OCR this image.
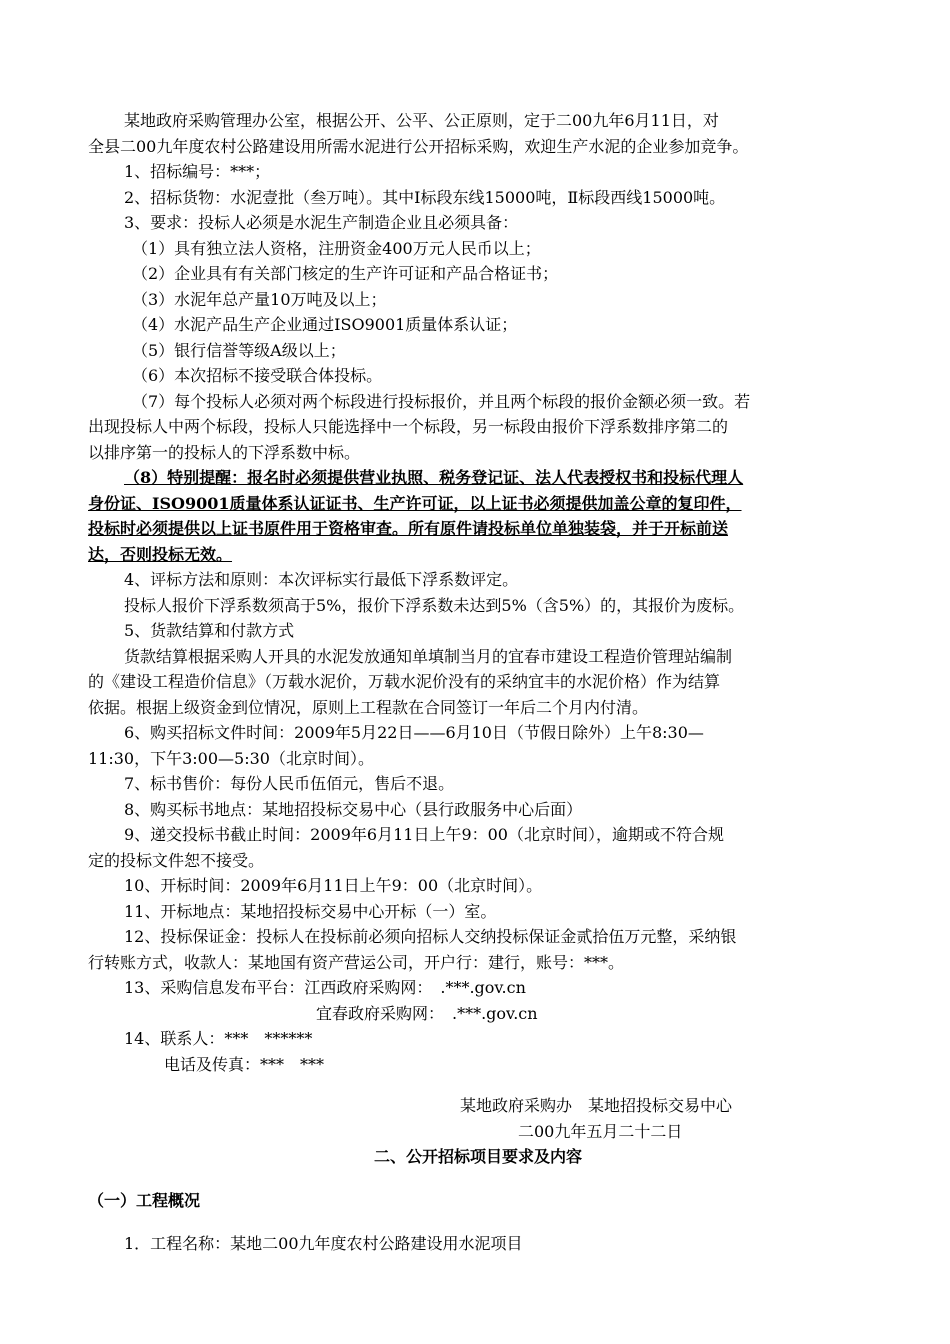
某地政府采购管理办公室，根据公开、公平、公正原则，定于二00九年6月11日，对
全县二00九年度农村公路建设用所需水泥进行公开招标采购，欢迎生产水泥的企业参加竞争。
1、招标编号：***；
2、招标货物：水泥壹批（叁万吨）。其中Ⅰ标段东线15000吨，Ⅱ标段西线15000吨。
3、要求：投标人必须是水泥生产制造企业且必须具备：
（1）具有独立法人资格，注册资金400万元人民币以上；
（2）企业具有有关部门核定的生产许可证和产品合格证书；
（3）水泥年总产量10万吨及以上；
（4）水泥产品生产企业通过ISO9001质量体系认证；
（5）银行信誉等级A级以上；
（6）本次招标不接受联合体投标。
（7）每个投标人必须对两个标段进行投标报价，并且两个标段的报价金额必须一致。若
出现投标人中两个标段，投标人只能选择中一个标段，另一标段由报价下浮系数排序第二的
以排序第一的投标人的下浮系数中标。
（8）特别提醒：报名时必须提供营业执照、税务登记证、法人代表授权书和投标代理人
身份证、ISO9001质量体系认证证书、生产许可证，以上证书必须提供加盖公章的复印件，
投标时必须提供以上证书原件用于资格审查。所有原件请投标单位单独装袋，并于开标前送
达，否则投标无效。
4、评标方法和原则：本次评标实行最低下浮系数评定。
投标人报价下浮系数须高于5%，报价下浮系数未达到5%（含5%）的，其报价为废标。
5、货款结算和付款方式
货款结算根据采购人开具的水泥发放通知单填制当月的宜春市建设工程造价管理站编制
的《建设工程造价信息》（万载水泥价，万载水泥价没有的采纳宜丰的水泥价格）作为结算
依据。根据上级资金到位情况，原则上工程款在合同签订一年后二个月内付清。
6、购买招标文件时间：2009年5月22日——6月10日（节假日除外）上午8:30—
11:30，下午3:00—5:30（北京时间）。
7、标书售价：每份人民币伍佰元，售后不退。
8、购买标书地点：某地招投标交易中心（县行政服务中心后面）
9、递交投标书截止时间：2009年6月11日上午9：00（北京时间），逾期或不符合规
定的投标文件恕不接受。
10、开标时间：2009年6月11日上午9：00（北京时间）。
11、开标地点：某地招投标交易中心开标（一）室。
12、投标保证金：投标人在投标前必须向招标人交纳投标保证金贰拾伍万元整，采纳银
行转账方式，收款人：某地国有资产营运公司，开户行：建行，账号：***。
13、采购信息发布平台：江西政府采购网：　.***.gov.cn
宜春政府采购网：　.***.gov.cn
14、联系人：***　******
电话及传真：***　***
某地政府采购办　某地招投标交易中心
二00九年五月二十二日
二、公开招标项目要求及内容
（一）工程概况
1．工程名称：某地二00九年度农村公路建设用水泥项目
